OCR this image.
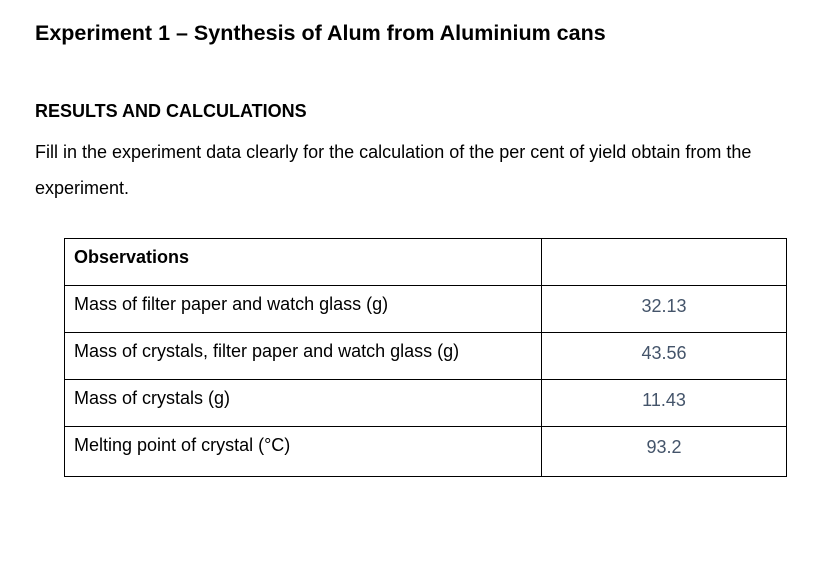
Experiment 1 – Synthesis of Alum from Aluminium cans
RESULTS AND CALCULATIONS

Fill in the experiment data clearly for the calculation of the per cent of yield obtain from the experiment.

Observations	
Mass of filter paper and watch glass (g)	32.13
Mass of crystals, filter paper and watch glass (g)	43.56
Mass of crystals (g)	11.43
Melting point of crystal (°C)	93.2
